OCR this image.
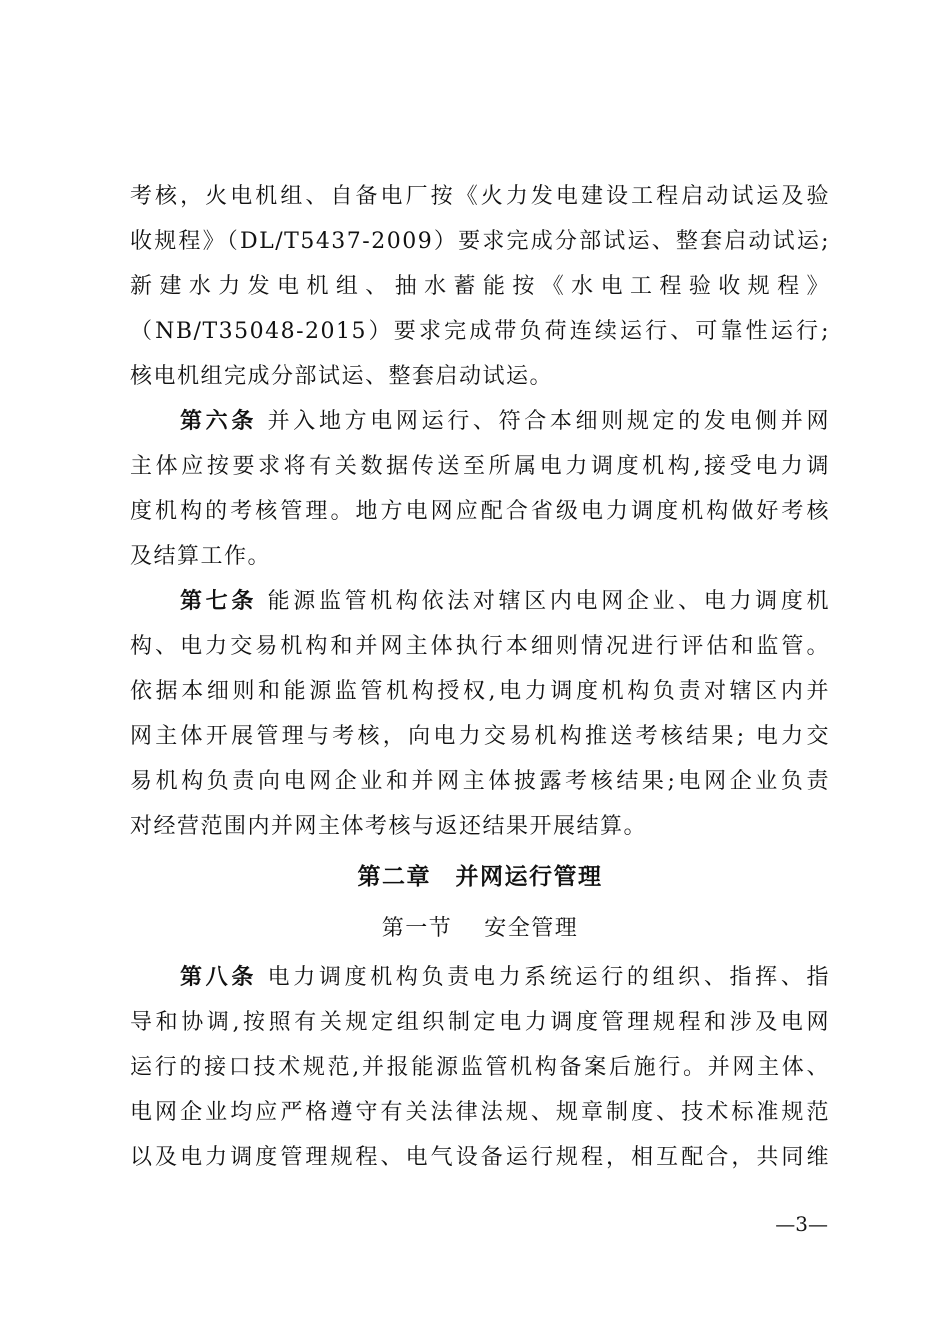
考核，火电机组、自备电厂按《火力发电建设工程启动试运及验
收规程》（DL/T5437-2009）要求完成分部试运、整套启动试运;
新建水力发电机组、抽水蓄能按《水电工程验收规程》
（NB/T35048-2015）要求完成带负荷连续运行、可靠性运行;
核电机组完成分部试运、整套启动试运。
第六条 并入地方电网运行、符合本细则规定的发电侧并网
主体应按要求将有关数据传送至所属电力调度机构,接受电力调
度机构的考核管理。地方电网应配合省级电力调度机构做好考核
及结算工作。
第七条 能源监管机构依法对辖区内电网企业、电力调度机
构、电力交易机构和并网主体执行本细则情况进行评估和监管。
依据本细则和能源监管机构授权,电力调度机构负责对辖区内并
网主体开展管理与考核，向电力交易机构推送考核结果; 电力交
易机构负责向电网企业和并网主体披露考核结果;电网企业负责
对经营范围内并网主体考核与返还结果开展结算。
第二章　并网运行管理
第一节　 安全管理
第八条 电力调度机构负责电力系统运行的组织、指挥、指
导和协调,按照有关规定组织制定电力调度管理规程和涉及电网
运行的接口技术规范,并报能源监管机构备案后施行。并网主体、
电网企业均应严格遵守有关法律法规、规章制度、技术标准规范
以及电力调度管理规程、电气设备运行规程，相互配合，共同维
—3—
